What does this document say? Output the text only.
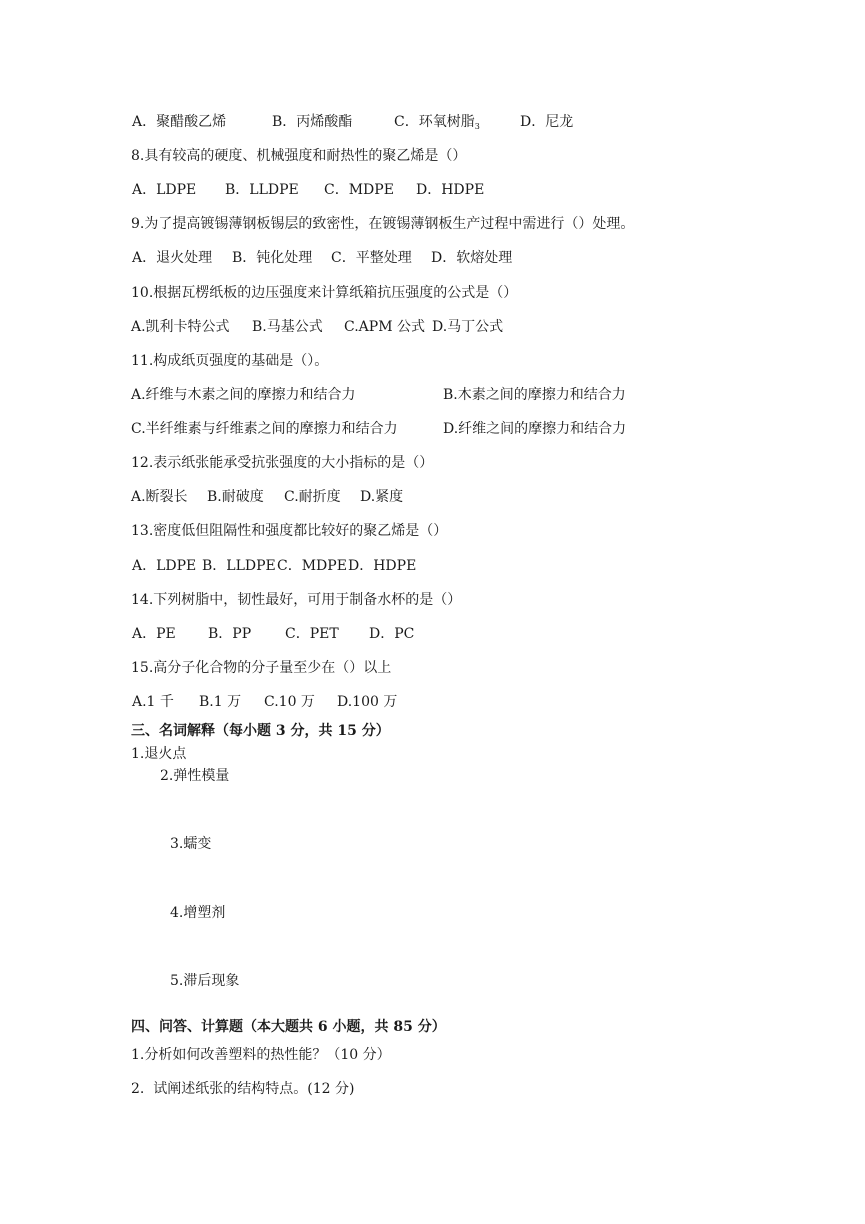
A．聚醋酸乙烯	B．丙烯酸酯	C．环氧树脂$_3$	D．尼龙
8.具有较高的硬度、机械强度和耐热性的聚乙烯是（）
A．LDPE B．LLDPE C．MDPE D．HDPE
9.为了提高镀锡薄钢板锡层的致密性，在镀锡薄钢板生产过程中需进行（）处理。
A．退火处理 B．钝化处理 C．平整处理 D．软熔处理
10.根据瓦楞纸板的边压强度来计算纸箱抗压强度的公式是（）
A.凯利卡特公式 B.马基公式 C.APM 公式 D.马丁公式
11.构成纸页强度的基础是（）。
A.纤维与木素之间的摩擦力和结合力	B.木素之间的摩擦力和结合力
C.半纤维素与纤维素之间的摩擦力和结合力	D.纤维之间的摩擦力和结合力
12.表示纸张能承受抗张强度的大小指标的是（）
A.断裂长 B.耐破度 C.耐折度 D.紧度
13.密度低但阻隔性和强度都比较好的聚乙烯是（）
A．LDPE B．LLDPE C．MDPE D．HDPE
14.下列树脂中，韧性最好，可用于制备水杯的是（）
A．PE B．PP C．PET D．PC
15.高分子化合物的分子量至少在（）以上
A.1 千 B.1 万 C.10 万 D.100 万
三、名词解释（每小题 3 分，共 15 分）
1.退火点
2.弹性模量
3.蠕变
4.增塑剂
5.滞后现象
四、问答、计算题（本大题共 6 小题，共 85 分）
1.分析如何改善塑料的热性能？（10 分）
2.  试阐述纸张的结构特点。(12 分)
